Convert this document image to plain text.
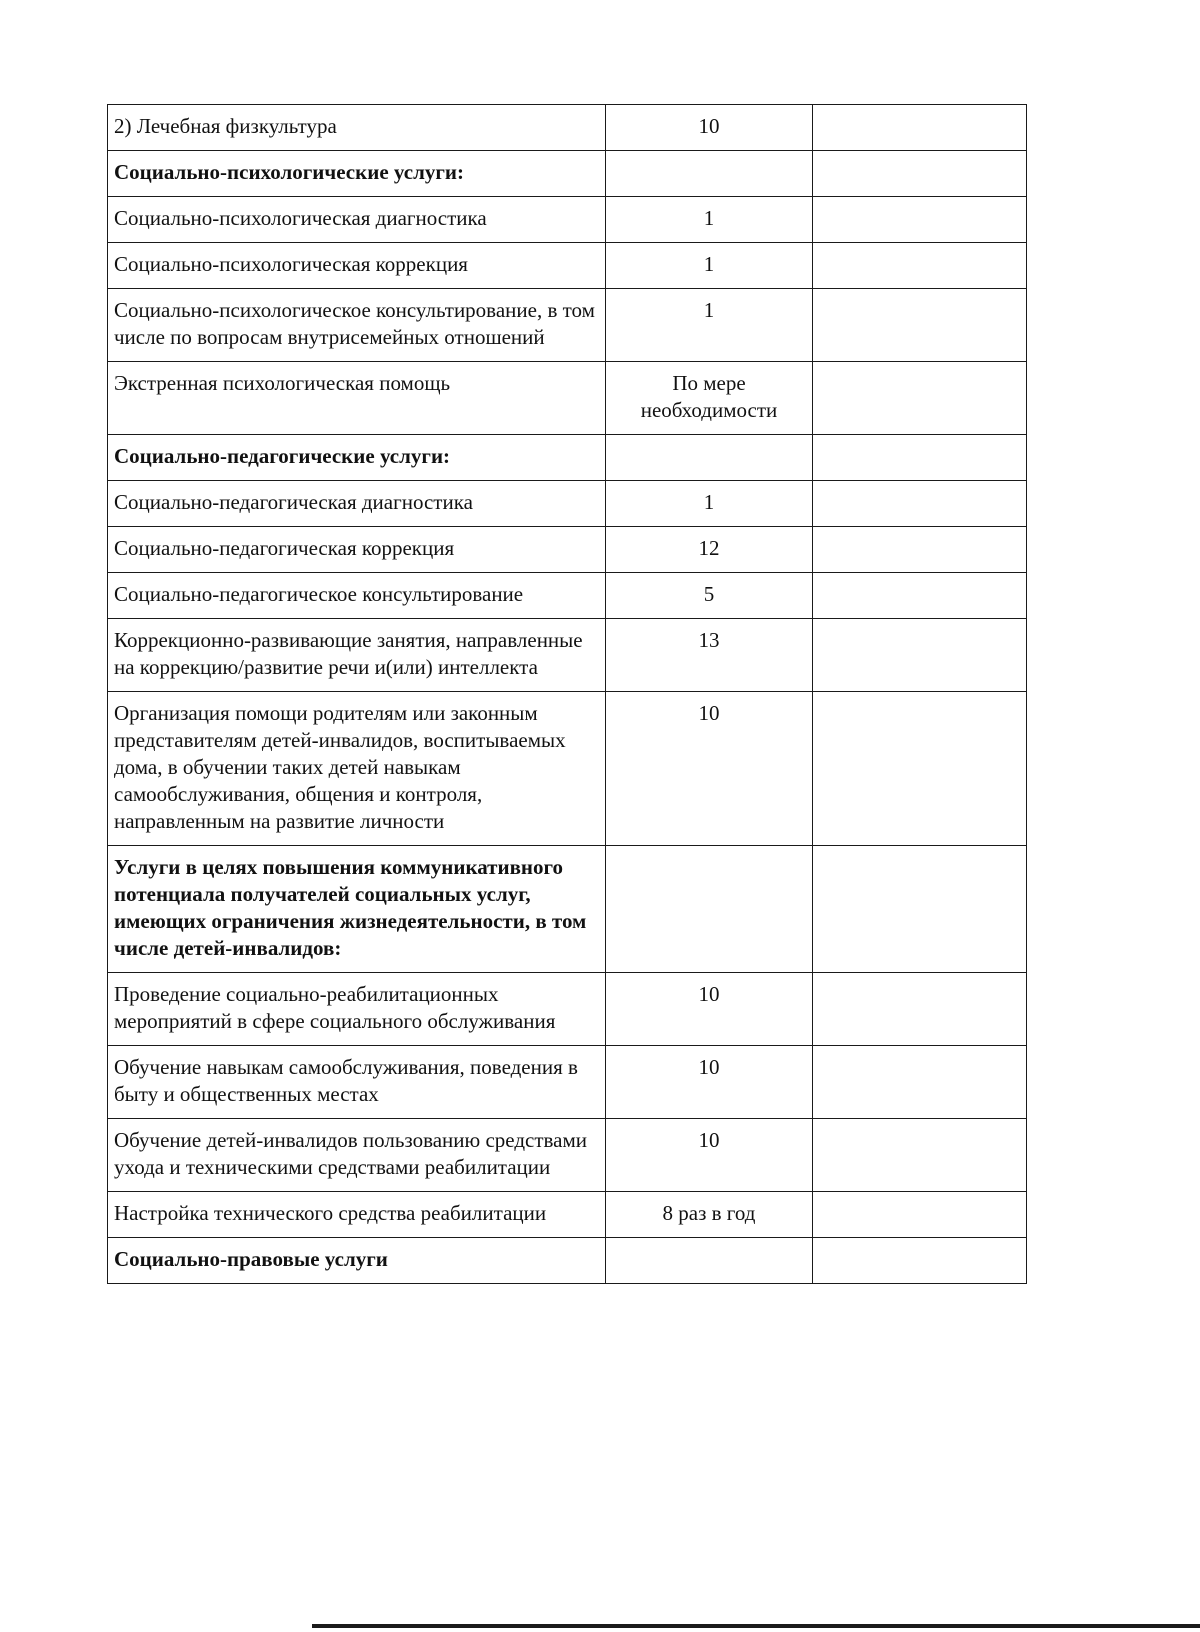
2) Лечебная физкультура	10	
Социально-психологические услуги:		
Социально-психологическая диагностика	1	
Социально-психологическая коррекция	1	
Социально-психологическое консультирование, в том числе по вопросам внутрисемейных отношений	1	
Экстренная психологическая помощь	По мере необходимости	
Социально-педагогические услуги:		
Социально-педагогическая диагностика	1	
Социально-педагогическая коррекция	12	
Социально-педагогическое консультирование	5	
Коррекционно-развивающие занятия, направленные на коррекцию/развитие речи и(или) интеллекта	13	
Организация помощи родителям или законным представителям детей-инвалидов, воспитываемых дома, в обучении таких детей навыкам самообслуживания, общения и контроля, направленным на развитие личности	10	
Услуги в целях повышения коммуникативного потенциала получателей социальных услуг, имеющих ограничения жизнедеятельности, в том числе детей-инвалидов:		
Проведение социально-реабилитационных мероприятий в сфере социального обслуживания	10	
Обучение навыкам самообслуживания, поведения в быту и общественных местах	10	
Обучение детей-инвалидов пользованию средствами ухода и техническими средствами реабилитации	10	
Настройка технического средства реабилитации	8 раз в год	
Социально-правовые услуги		
